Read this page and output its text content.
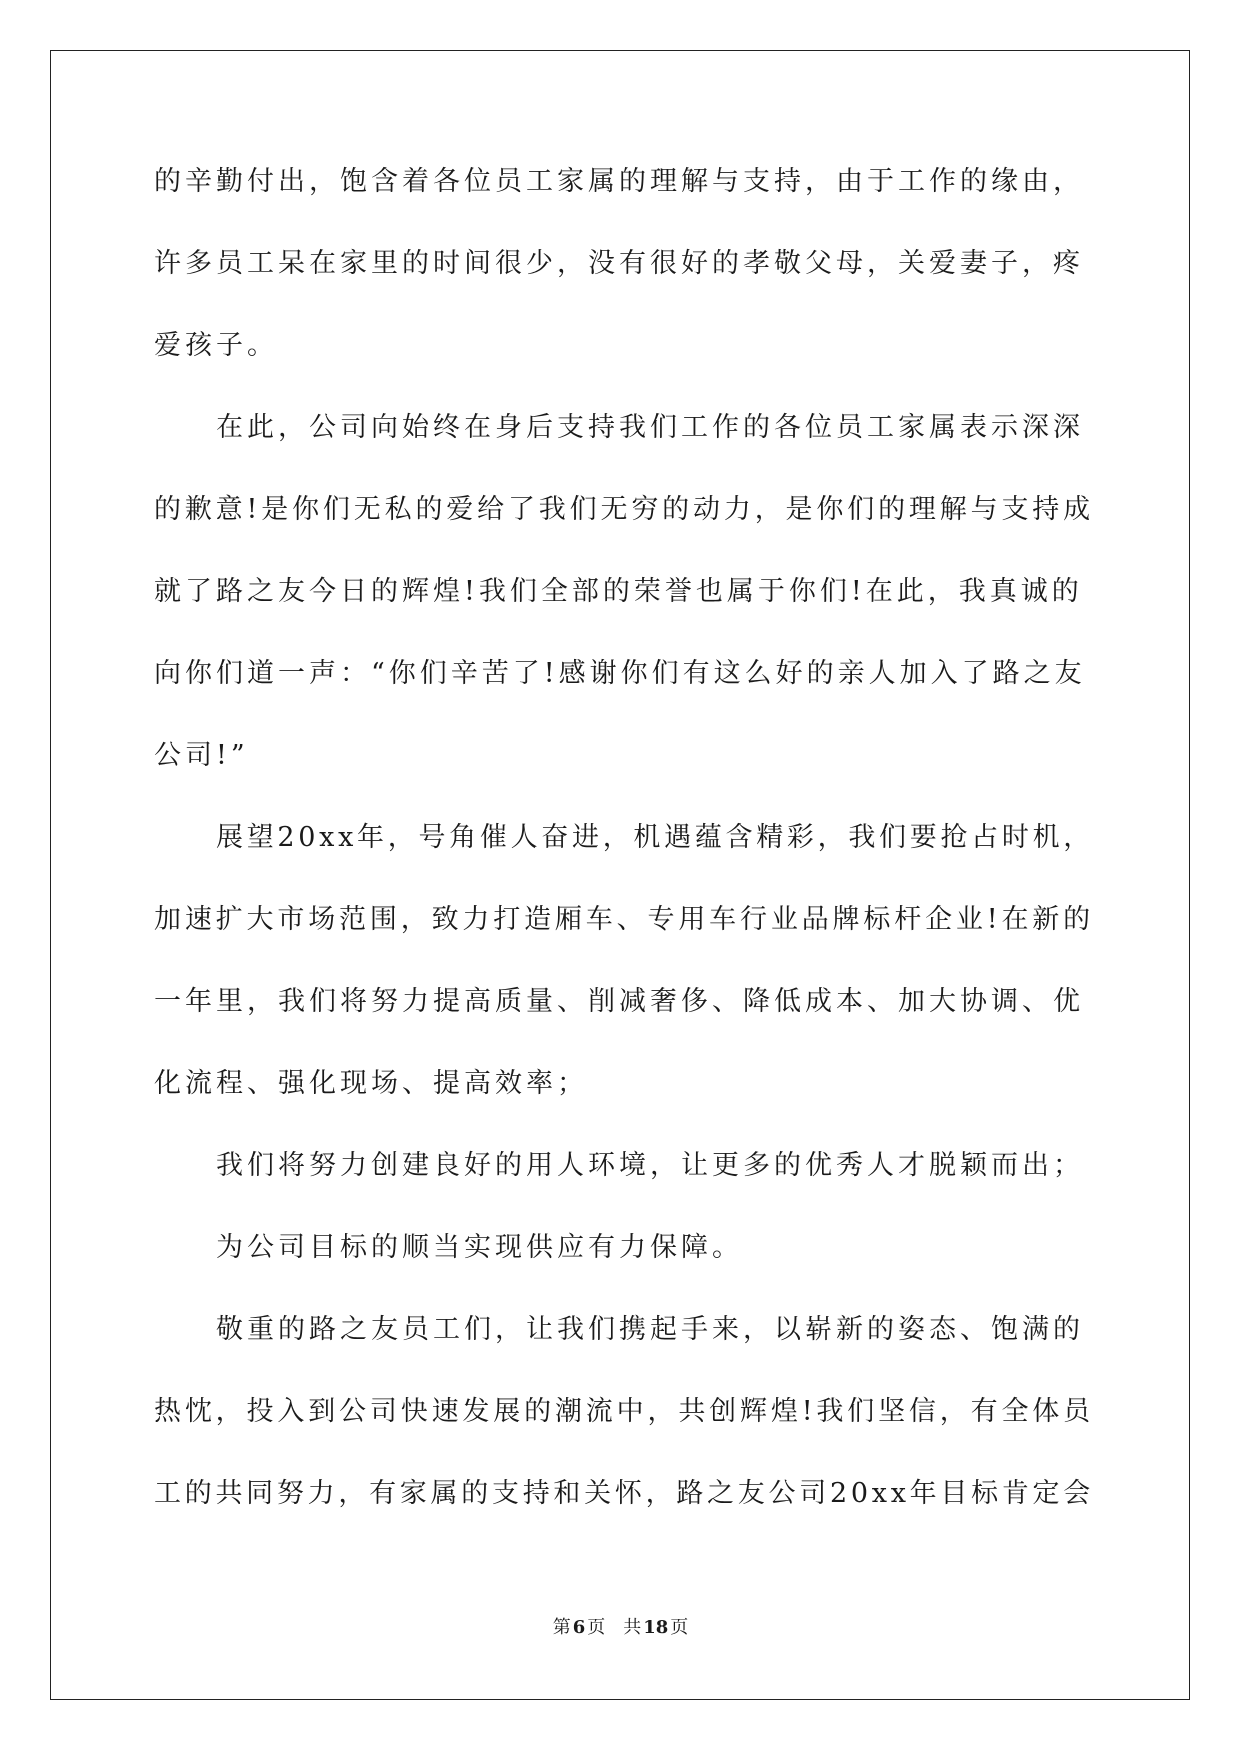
的辛勤付出，饱含着各位员工家属的理解与支持，由于工作的缘由，
许多员工呆在家里的时间很少，没有很好的孝敬父母，关爱妻子，疼
爱孩子。
在此，公司向始终在身后支持我们工作的各位员工家属表示深深
的歉意!是你们无私的爱给了我们无穷的动力，是你们的理解与支持成
就了路之友今日的辉煌!我们全部的荣誉也属于你们!在此，我真诚的
向你们道一声：“你们辛苦了!感谢你们有这么好的亲人加入了路之友
公司!”
展望20xx年，号角催人奋进，机遇蕴含精彩，我们要抢占时机，
加速扩大市场范围，致力打造厢车、专用车行业品牌标杆企业!在新的
一年里，我们将努力提高质量、削减奢侈、降低成本、加大协调、优
化流程、强化现场、提高效率；
我们将努力创建良好的用人环境，让更多的优秀人才脱颖而出；
为公司目标的顺当实现供应有力保障。
敬重的路之友员工们，让我们携起手来，以崭新的姿态、饱满的
热忱，投入到公司快速发展的潮流中，共创辉煌!我们坚信，有全体员
工的共同努力，有家属的支持和关怀，路之友公司20xx年目标肯定会
第 6 页 共 18 页
